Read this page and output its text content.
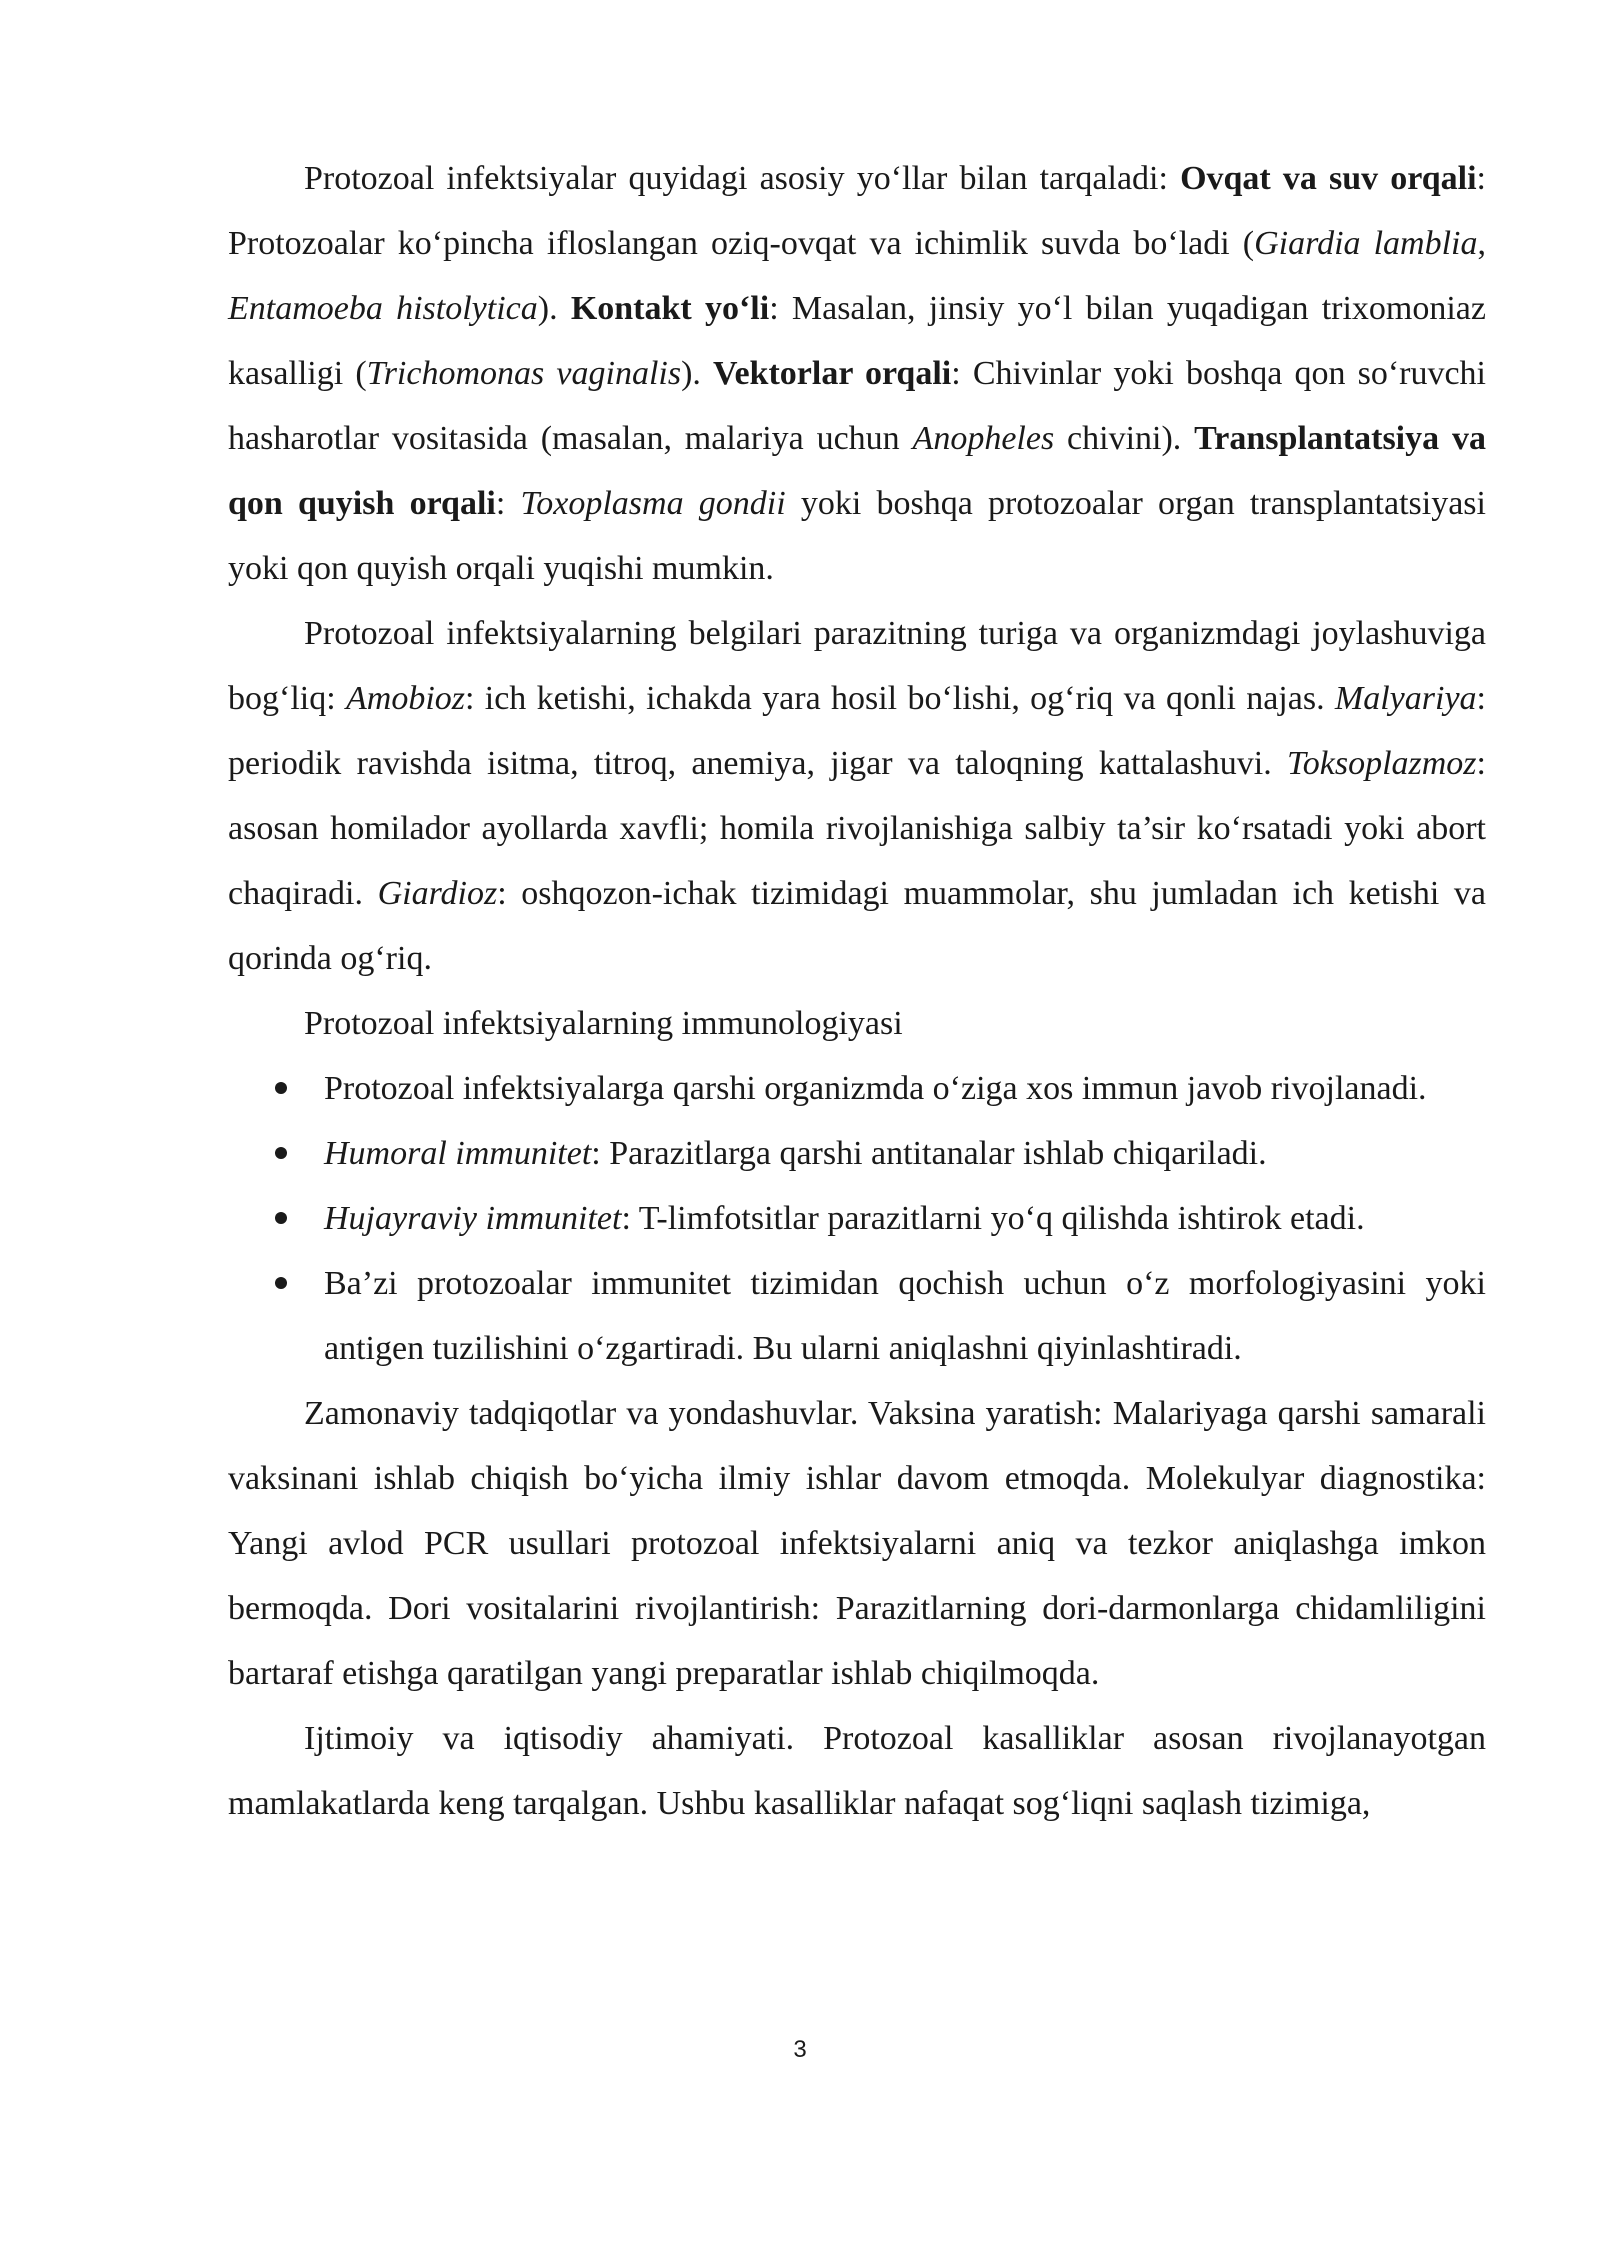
Protozoal infektsiyalar quyidagi asosiy yo‘llar bilan tarqaladi: Ovqat va suv orqali: Protozoalar ko‘pincha ifloslangan oziq-ovqat va ichimlik suvda bo‘ladi (Giardia lamblia, Entamoeba histolytica). Kontakt yo‘li: Masalan, jinsiy yo‘l bilan yuqadigan trixomoniaz kasalligi (Trichomonas vaginalis). Vektorlar orqali: Chivinlar yoki boshqa qon so‘ruvchi hasharotlar vositasida (masalan, malariya uchun Anopheles chivini). Transplantatsiya va qon quyish orqali: Toxoplasma gondii yoki boshqa protozoalar organ transplantatsiyasi yoki qon quyish orqali yuqishi mumkin.

Protozoal infektsiyalarning belgilari parazitning turiga va organizmdagi joylashuviga bog‘liq: Amobioz: ich ketishi, ichakda yara hosil bo‘lishi, og‘riq va qonli najas. Malyariya: periodik ravishda isitma, titroq, anemiya, jigar va taloqning kattalashuvi. Toksoplazmoz: asosan homilador ayollarda xavfli; homila rivojlanishiga salbiy ta’sir ko‘rsatadi yoki abort chaqiradi. Giardioz: oshqozon-ichak tizimidagi muammolar, shu jumladan ich ketishi va qorinda og‘riq.

Protozoal infektsiyalarning immunologiyasi

Protozoal infektsiyalarga qarshi organizmda o‘ziga xos immun javob rivojlanadi.
Humoral immunitet: Parazitlarga qarshi antitanalar ishlab chiqariladi.
Hujayraviy immunitet: T-limfotsitlar parazitlarni yo‘q qilishda ishtirok etadi.
Ba’zi protozoalar immunitet tizimidan qochish uchun o‘z morfologiyasini yoki antigen tuzilishini o‘zgartiradi. Bu ularni aniqlashni qiyinlashtiradi.

Zamonaviy tadqiqotlar va yondashuvlar. Vaksina yaratish: Malariyaga qarshi samarali vaksinani ishlab chiqish bo‘yicha ilmiy ishlar davom etmoqda. Molekulyar diagnostika: Yangi avlod PCR usullari protozoal infektsiyalarni aniq va tezkor aniqlashga imkon bermoqda. Dori vositalarini rivojlantirish: Parazitlarning dori-darmonlarga chidamliligini bartaraf etishga qaratilgan yangi preparatlar ishlab chiqilmoqda.

Ijtimoiy va iqtisodiy ahamiyati. Protozoal kasalliklar asosan rivojlanayotgan mamlakatlarda keng tarqalgan. Ushbu kasalliklar nafaqat sog‘liqni saqlash tizimiga,

3
